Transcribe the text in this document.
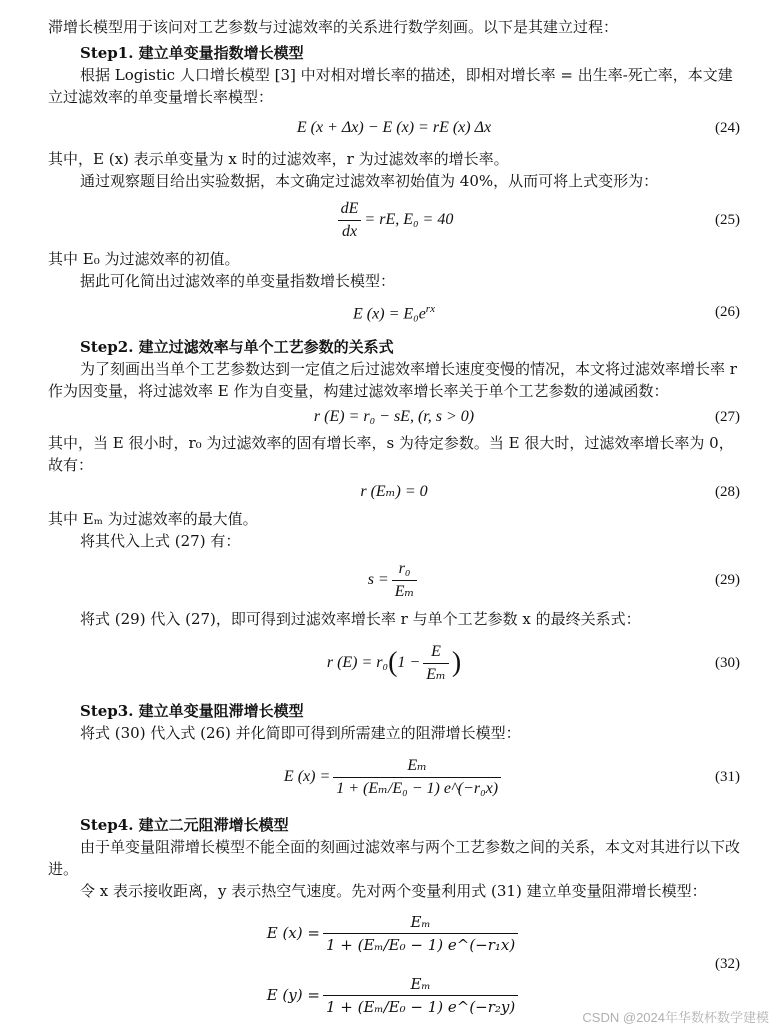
滞增长模型用于该问对工艺参数与过滤效率的关系进行数学刻画。以下是其建立过程：

Step1. 建立单变量指数增长模型

根据 Logistic 人口增长模型 [3] 中对相对增长率的描述，即相对增长率 = 出生率-死亡率，本文建立过滤效率的单变量增长率模型：

E (x + Δx) − E (x) = rE (x) Δx	(24)

其中，E (x) 表示单变量为 x 时的过滤效率，r 为过滤效率的增长率。

通过观察题目给出实验数据，本文确定过滤效率初始值为 40%，从而可将上式变形为：

$\frac{dE}{dx}$ = rE, E₀ = 40	(25)

其中 E₀ 为过滤效率的初值。

据此可化简出过滤效率的单变量指数增长模型：

E $(x) = E_0e^{rx}$	(26)

Step2. 建立过滤效率与单个工艺参数的关系式

为了刻画出当单个工艺参数达到一定值之后过滤效率增长速度变慢的情况，本文将过滤效率增长率 r 作为因变量，将过滤效率 E 作为自变量，构建过滤效率增长率关于单个工艺参数的递减函数：

r (E) = r₀ − sE, (r, s > 0)	(27)

其中，当 E 很小时，r₀ 为过滤效率的固有增长率，s 为待定参数。当 E 很大时，过滤效率增长率为 0，故有：

r (Eₘ) = 0	(28)

其中 Eₘ 为过滤效率的最大值。

将其代入上式 (27) 有：

$s = \frac{\text{r₀}}{\text{Eₘ}}$	(29)

将式 (29) 代入 (27)，即可得到过滤效率增长率 r 与单个工艺参数 x 的最终关系式：

r (E) = r₀ ( $1 - \frac{E}{\text{Eₘ}}$ )	(30)

Step3. 建立单变量阻滞增长模型

将式 (30) 代入式 (26) 并化简即可得到所需建立的阻滞增长模型：

E $(x) = \frac{\text{Eₘ}}{\text{1 + (Eₘ/E₀ − 1) e\textasciicircum{}(−r₀x)}}$	(31)

Step4. 建立二元阻滞增长模型

由于单变量阻滞增长模型不能全面的刻画过滤效率与两个工艺参数之间的关系，本文对其进行以下改进。

令 x 表示接收距离，y 表示热空气速度。先对两个变量利用式 (31) 建立单变量阻滞增长模型：

E $(x) = \frac{\text{Eₘ}}{\text{1 + (Eₘ/E₀ − 1) e\textasciicircum{}(−r₁x)}}$
E $(y) = \frac{\text{Eₘ}}{\text{1 + (Eₘ/E₀ − 1) e\textasciicircum{}(−r₂y)}}$
(32)
CSDN @2024年华数杯数学建模
